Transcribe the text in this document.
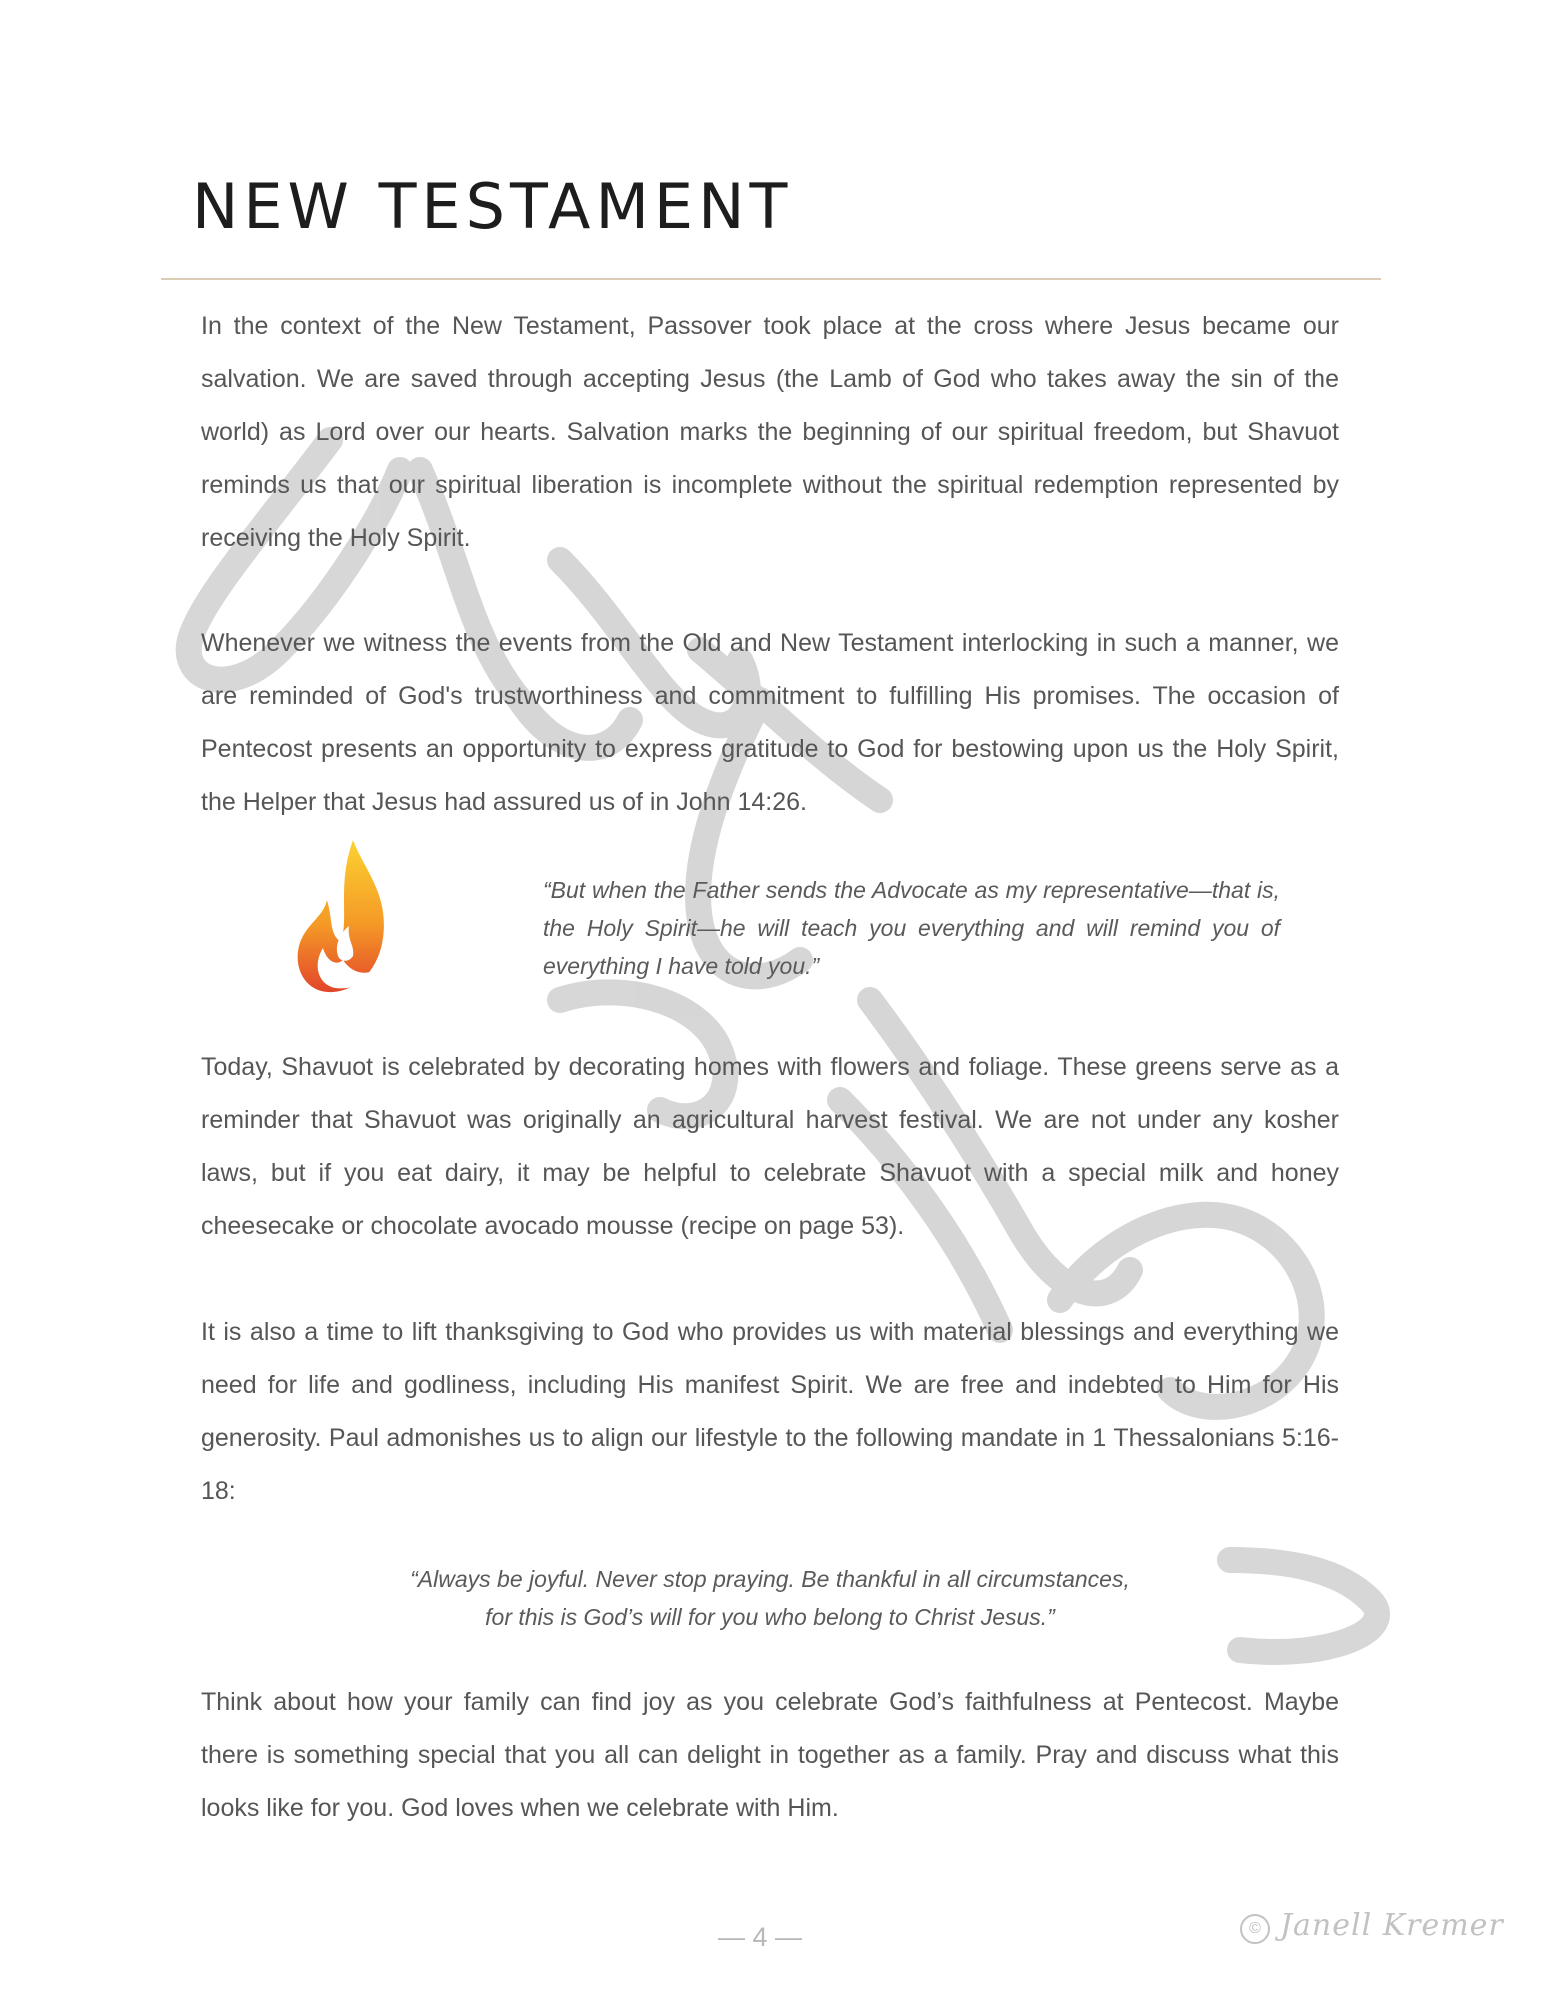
NEW TESTAMENT

In the context of the New Testament, Passover took place at the cross where Jesus became our salvation. We are saved through accepting Jesus (the Lamb of God who takes away the sin of the world) as Lord over our hearts. Salvation marks the beginning of our spiritual freedom, but Shavuot reminds us that our spiritual liberation is incomplete without the spiritual redemption represented by receiving the Holy Spirit.

Whenever we witness the events from the Old and New Testament interlocking in such a manner, we are reminded of God's trustworthiness and commitment to fulfilling His promises. The occasion of Pentecost presents an opportunity to express gratitude to God for bestowing upon us the Holy Spirit, the Helper that Jesus had assured us of in John 14:26.

“But when the Father sends the Advocate as my representative—that is, the Holy Spirit—he will teach you everything and will remind you of everything I have told you.”

Today, Shavuot is celebrated by decorating homes with flowers and foliage. These greens serve as a reminder that Shavuot was originally an agricultural harvest festival. We are not under any kosher laws, but if you eat dairy, it may be helpful to celebrate Shavuot with a special milk and honey cheesecake or chocolate avocado mousse (recipe on page 53).

It is also a time to lift thanksgiving to God who provides us with material blessings and everything we need for life and godliness, including His manifest Spirit. We are free and indebted to Him for His generosity. Paul admonishes us to align our lifestyle to the following mandate in 1 Thessalonians 5:16-18:

“Always be joyful. Never stop praying. Be thankful in all circumstances,
for this is God’s will for you who belong to Christ Jesus.”

Think about how your family can find joy as you celebrate God’s faithfulness at Pentecost. Maybe there is something special that you all can delight in together as a family. Pray and discuss what this looks like for you. God loves when we celebrate with Him.

— 4 —	© Janell Kremer
